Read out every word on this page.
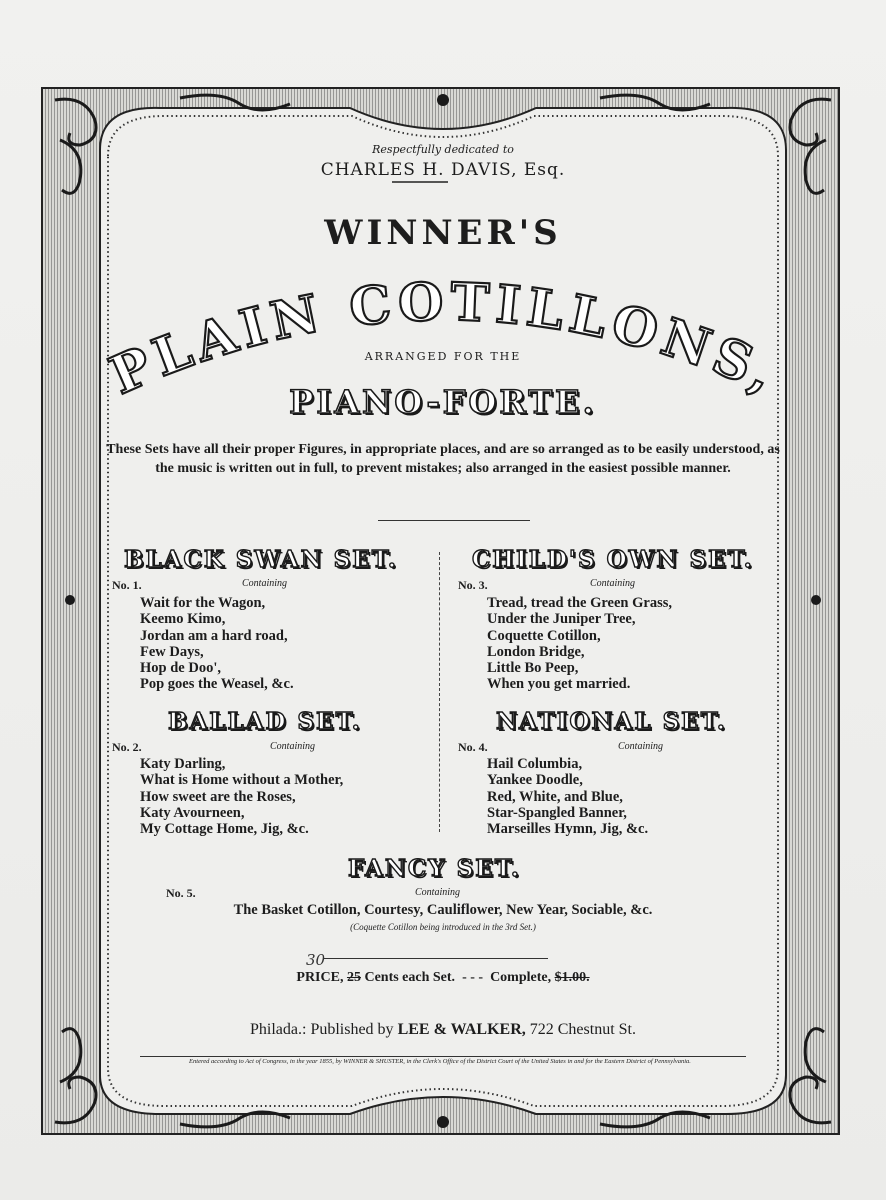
Respectfully dedicated to
CHARLES H. DAVIS, Esq.
WINNER'S
PLAIN COTILLONS,
ARRANGED FOR THE
PIANO-FORTE.
These Sets have all their proper Figures, in appropriate places, and are so arranged as to be easily understood, as the music is written out in full, to prevent mistakes; also arranged in the easiest possible manner.
BLACK SWAN SET.
No. 1.	Containing
Wait for the Wagon,
Keemo Kimo,
Jordan am a hard road,
Few Days,
Hop de Doo',
Pop goes the Weasel, &c.
CHILD'S OWN SET.
No. 3.	Containing
Tread, tread the Green Grass,
Under the Juniper Tree,
Coquette Cotillon,
London Bridge,
Little Bo Peep,
When you get married.
BALLAD SET.
No. 2.	Containing
Katy Darling,
What is Home without a Mother,
How sweet are the Roses,
Katy Avourneen,
My Cottage Home, Jig, &c.
NATIONAL SET.
No. 4.	Containing
Hail Columbia,
Yankee Doodle,
Red, White, and Blue,
Star-Spangled Banner,
Marseilles Hymn, Jig, &c.
FANCY SET.
No. 5.	Containing
The Basket Cotillon, Courtesy, Cauliflower, New Year, Sociable, &c.
(Coquette Cotillon being introduced in the 3rd Set.)
30
PRICE, 25 Cents each Set. - - - Complete, $1.00.
Philada.: Published by LEE & WALKER, 722 Chestnut St.
Entered according to Act of Congress, in the year 1855, by WINNER & SHUSTER, in the Clerk's Office of the District Court of the United States in and for the Eastern District of Pennsylvania.
